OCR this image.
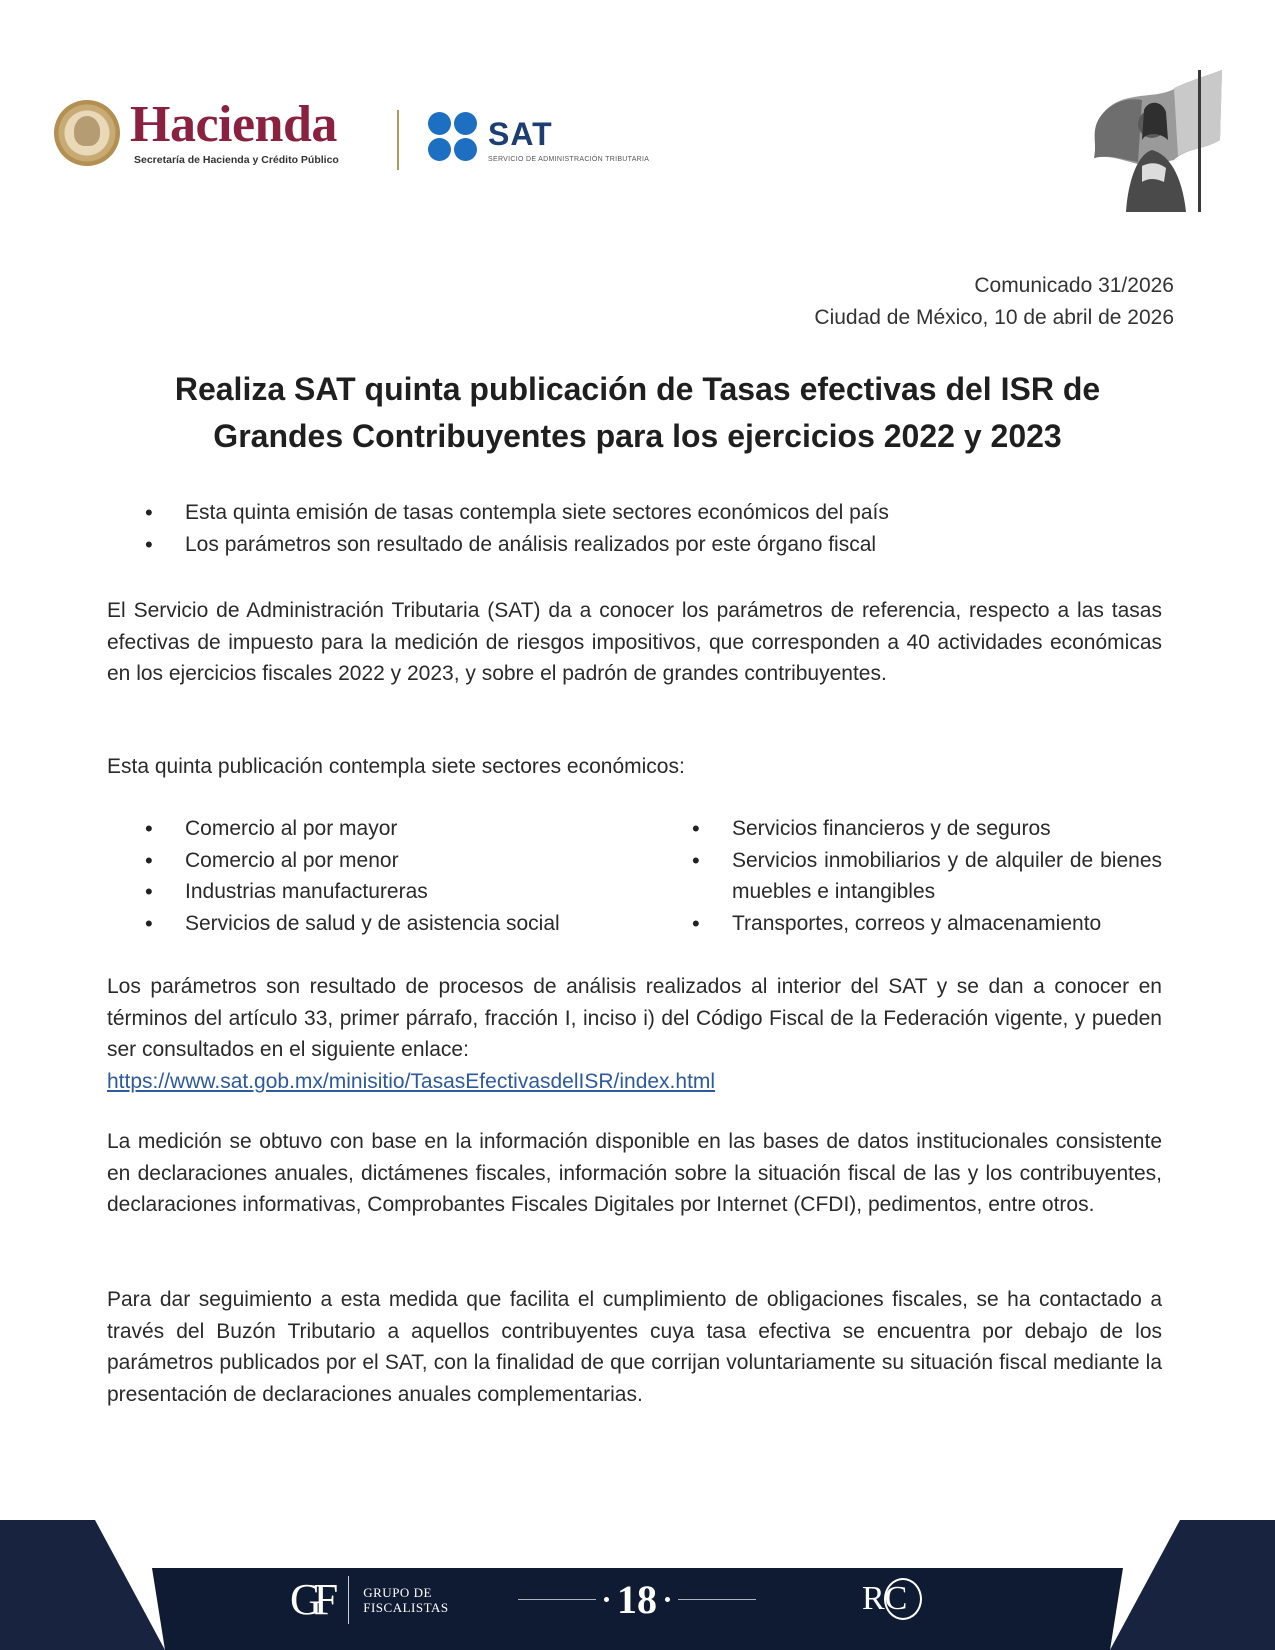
Hacienda
Secretaría de Hacienda y Crédito Público
SAT
SERVICIO DE ADMINISTRACIÓN TRIBUTARIA
Comunicado 31/2026
Ciudad de México, 10 de abril de 2026
Realiza SAT quinta publicación de Tasas efectivas del ISR de Grandes Contribuyentes para los ejercicios 2022 y 2023
• Esta quinta emisión de tasas contempla siete sectores económicos del país
• Los parámetros son resultado de análisis realizados por este órgano fiscal

El Servicio de Administración Tributaria (SAT) da a conocer los parámetros de referencia, respecto a las tasas efectivas de impuesto para la medición de riesgos impositivos, que corresponden a 40 actividades económicas en los ejercicios fiscales 2022 y 2023, y sobre el padrón de grandes contribuyentes.

Esta quinta publicación contempla siete sectores económicos:

• Comercio al por mayor
• Comercio al por menor
• Industrias manufactureras
• Servicios de salud y de asistencia social
• Servicios financieros y de seguros
• Servicios inmobiliarios y de alquiler de bienes muebles e intangibles
• Transportes, correos y almacenamiento
Los parámetros son resultado de procesos de análisis realizados al interior del SAT y se dan a conocer en términos del artículo 33, primer párrafo, fracción I, inciso i) del Código Fiscal de la Federación vigente, y pueden ser consultados en el siguiente enlace:
https://www.sat.gob.mx/minisitio/TasasEfectivasdelISR/index.html

La medición se obtuvo con base en la información disponible en las bases de datos institucionales consistente en declaraciones anuales, dictámenes fiscales, información sobre la situación fiscal de las y los contribuyentes, declaraciones informativas, Comprobantes Fiscales Digitales por Internet (CFDI), pedimentos, entre otros.

Para dar seguimiento a esta medida que facilita el cumplimiento de obligaciones fiscales, se ha contactado a través del Buzón Tributario a aquellos contribuyentes cuya tasa efectiva se encuentra por debajo de los parámetros publicados por el SAT, con la finalidad de que corrijan voluntariamente su situación fiscal mediante la presentación de declaraciones anuales complementarias.

GF	GRUPO DE
FISCALISTAS	18	RC
